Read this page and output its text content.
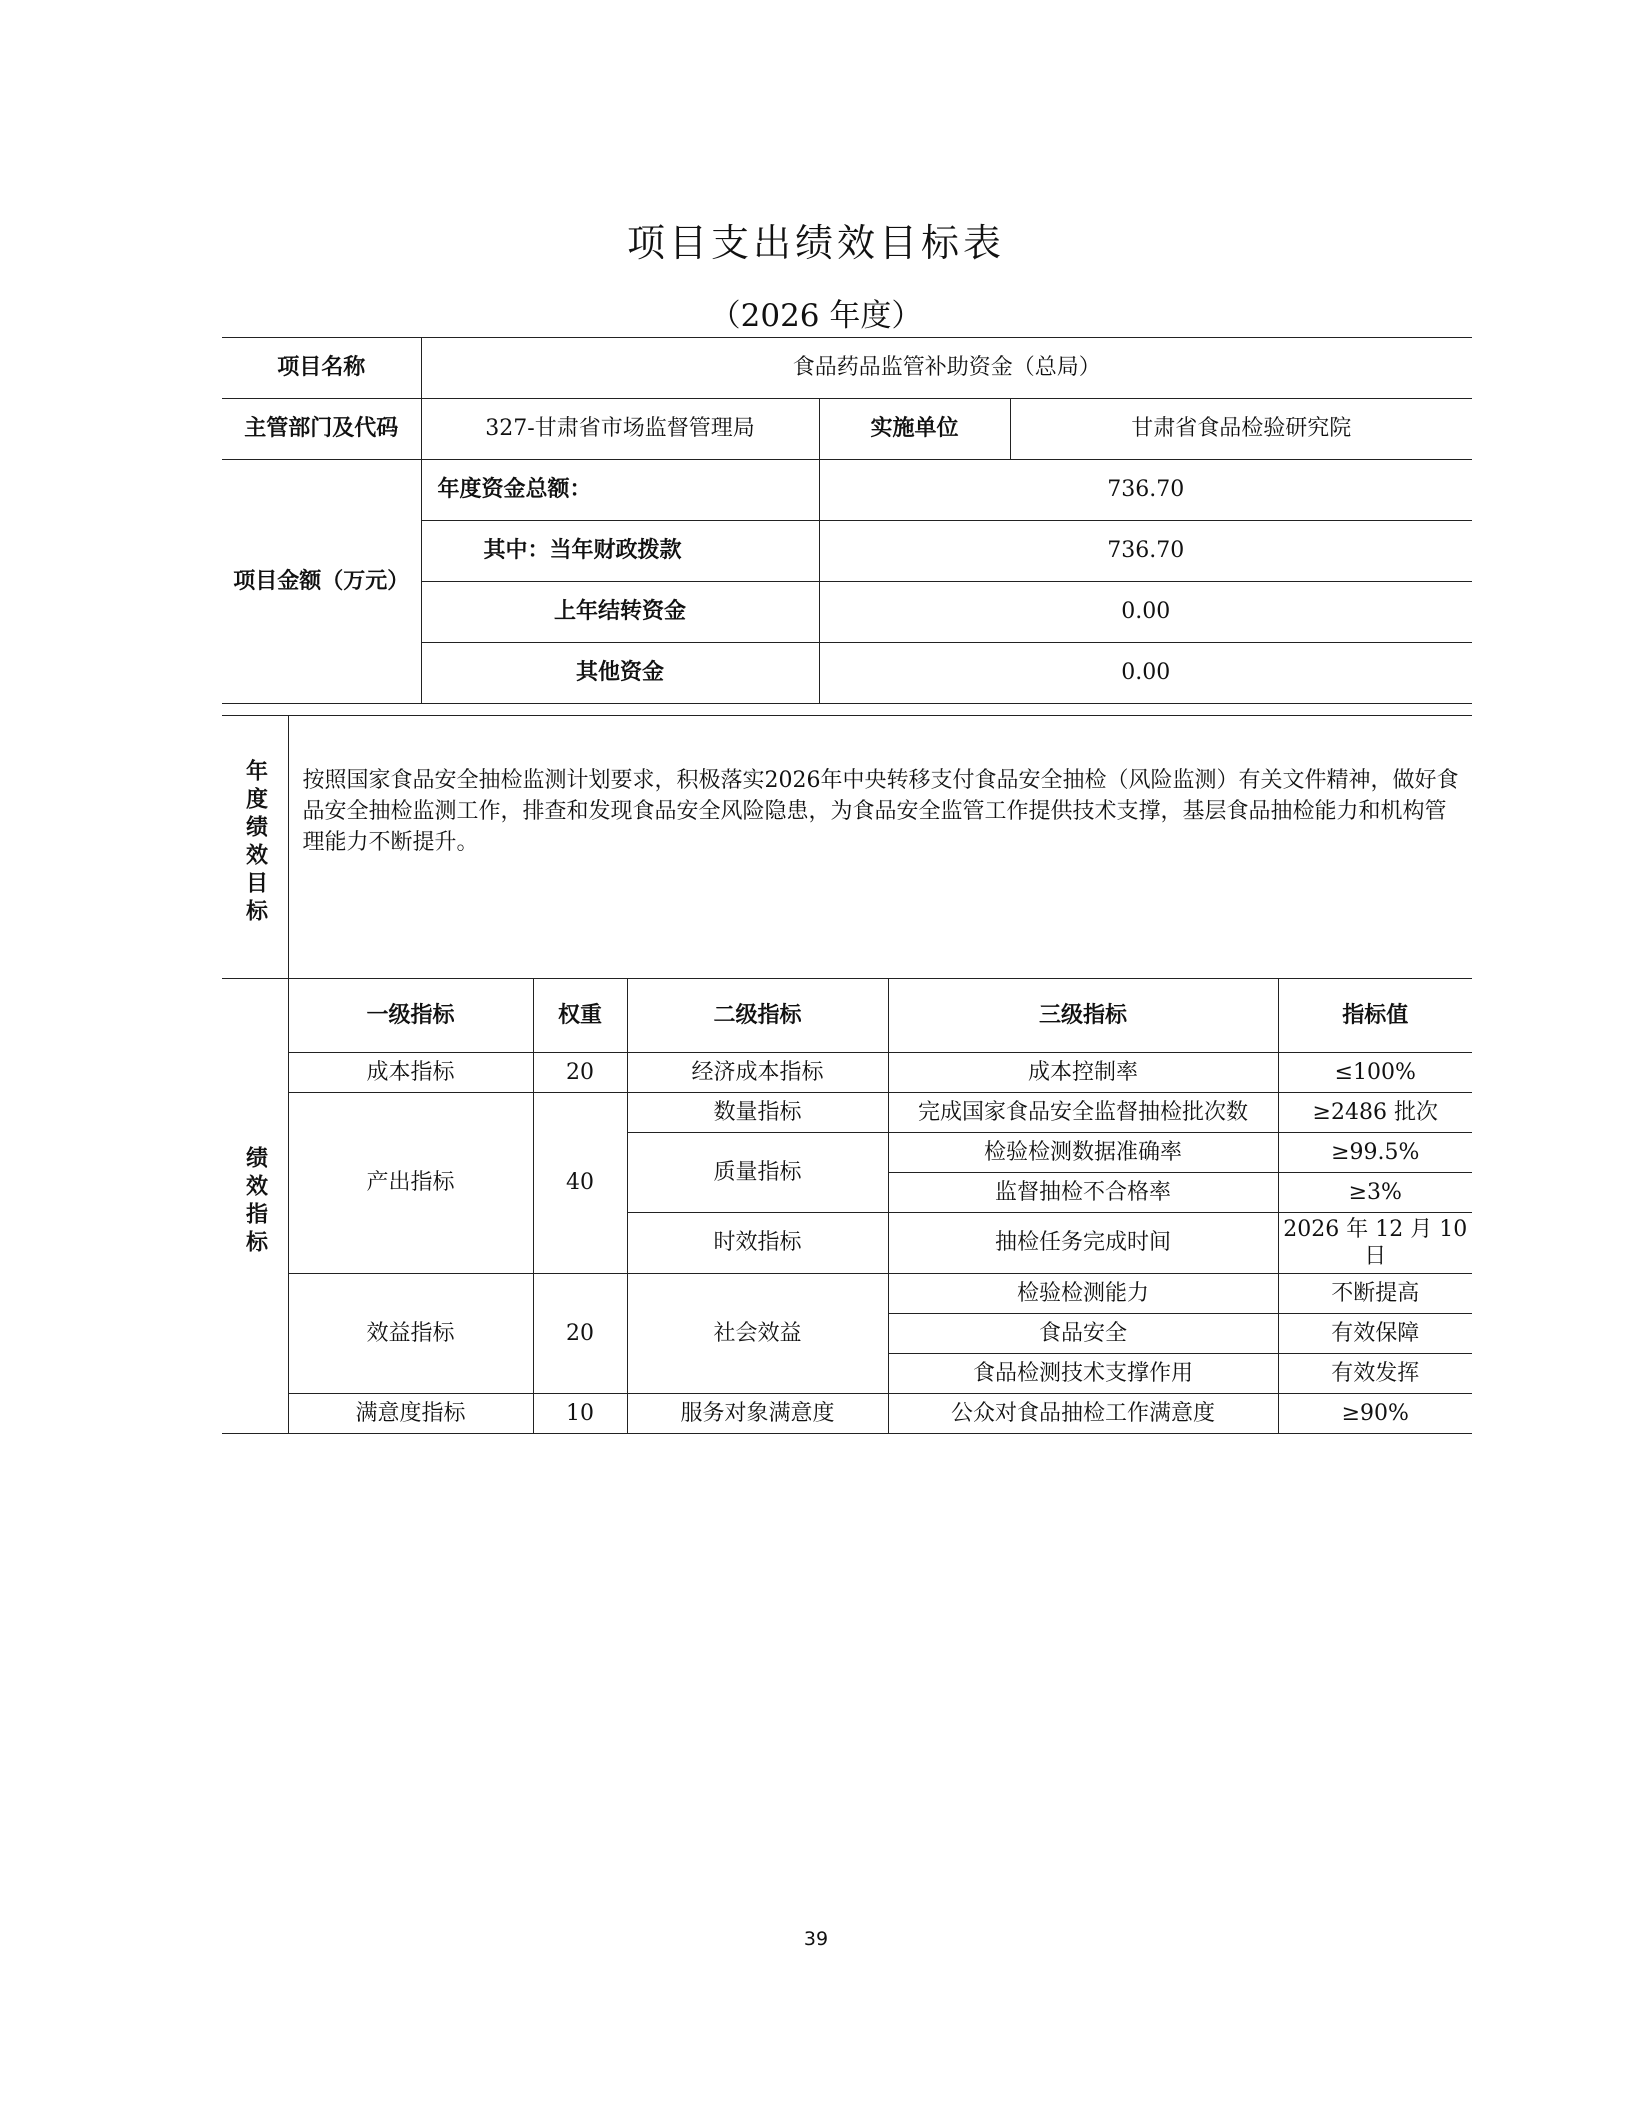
项目支出绩效目标表
（2026 年度）
项目名称	食品药品监管补助资金（总局）		
主管部门及代码	327-甘肃省市场监督管理局	实施单位	甘肃省食品检验研究院
项目金额（万元）	年度资金总额：	736.70	
	其中：当年财政拨款	736.70	
	上年结转资金	0.00	
	其他资金	0.00	
年度绩效目标	按照国家食品安全抽检监测计划要求，积极落实2026年中央转移支付食品安全抽检（风险监测）有关文件精神，做好食品安全抽检监测工作，排查和发现食品安全风险隐患，为食品安全监管工作提供技术支撑，基层食品抽检能力和机构管理能力不断提升。
绩效指标	一级指标	权重	二级指标	三级指标	指标值
	成本指标	20	经济成本指标	成本控制率	≤100%
	产出指标	40	数量指标	完成国家食品安全监督抽检批次数	≥2486 批次
			质量指标	检验检测数据准确率	≥99.5%
				监督抽检不合格率	≥3%
			时效指标	抽检任务完成时间	2026 年 12 月 10 日
	效益指标	20	社会效益	检验检测能力	不断提高
				食品安全	有效保障
				食品检测技术支撑作用	有效发挥
	满意度指标	10	服务对象满意度	公众对食品抽检工作满意度	≥90%
39
